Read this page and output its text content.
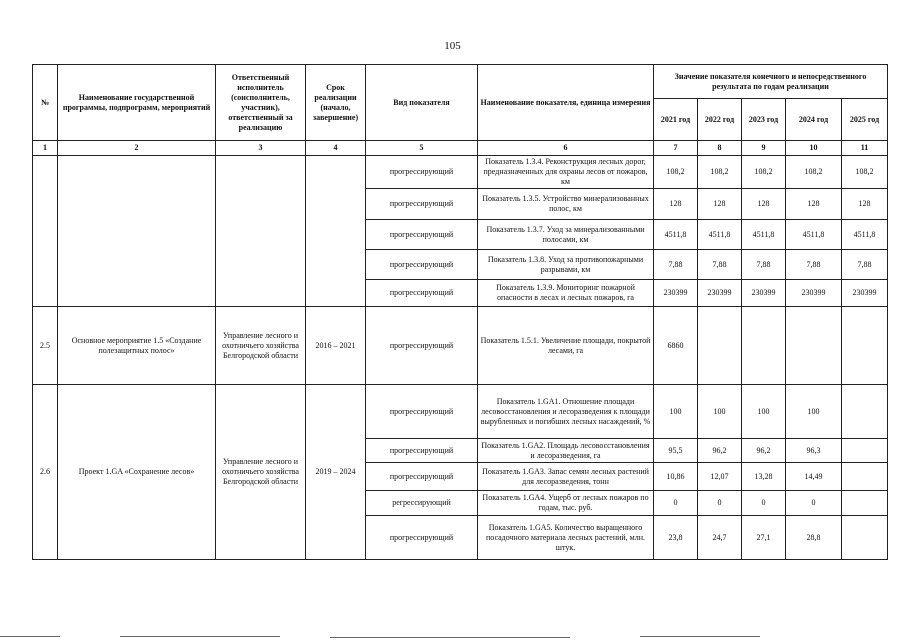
105
№	Наименование государственной программы, подпрограмм, мероприятий	Ответственный исполнитель (соисполнитель, участник), ответственный за реализацию	Срок реализации (начало, завершение)	Вид показателя	Наименование показателя, единица измерения	Значение показателя конечного и непосредственного результата по годам реализации				
						2021 год	2022 год	2023 год	2024 год	2025 год
1	2	3	4	5	6	7	8	9	10	11
				прогрессирующий	Показатель 1.3.4. Реконструкция лесных дорог, предназначенных для охраны лесов от пожаров, км	108,2	108,2	108,2	108,2	108,2
				прогрессирующий	Показатель 1.3.5. Устройство минерализованных полос, км	128	128	128	128	128
				прогрессирующий	Показатель 1.3.7. Уход за минерализованными полосами, км	4511,8	4511,8	4511,8	4511,8	4511,8
				прогрессирующий	Показатель 1.3.8. Уход за противопожарными разрывами, км	7,88	7,88	7,88	7,88	7,88
				прогрессирующий	Показатель 1.3.9. Мониторинг пожарной опасности в лесах и лесных пожаров, га	230399	230399	230399	230399	230399
2.5	Основное мероприятие 1.5 «Создание полезащитных полос»	Управление лесного и охотничьего хозяйства Белгородской области	2016 – 2021	прогрессирующий	Показатель 1.5.1. Увеличение площади, покрытой лесами, га	6860				
2.6	Проект 1.GA «Сохранение лесов»	Управление лесного и охотничьего хозяйства Белгородской области	2019 – 2024	прогрессирующий	Показатель 1.GA1. Отношение площади лесовосстановления и лесоразведения к площади вырубленных и погибших лесных насаждений, %	100	100	100	100	
				прогрессирующий	Показатель 1.GA2. Площадь лесовосстановления и лесоразведения, га	95,5	96,2	96,2	96,3	
				прогрессирующий	Показатель 1.GA3. Запас семян лесных растений для лесоразведения, тонн	10,86	12,07	13,28	14,49	
				регрессирующий	Показатель 1.GA4. Ущерб от лесных пожаров по годам, тыс. руб.	0	0	0	0	
				прогрессирующий	Показатель 1.GA5. Количество выращенного посадочного материала лесных растений, млн. штук.	23,8	24,7	27,1	28,8	
